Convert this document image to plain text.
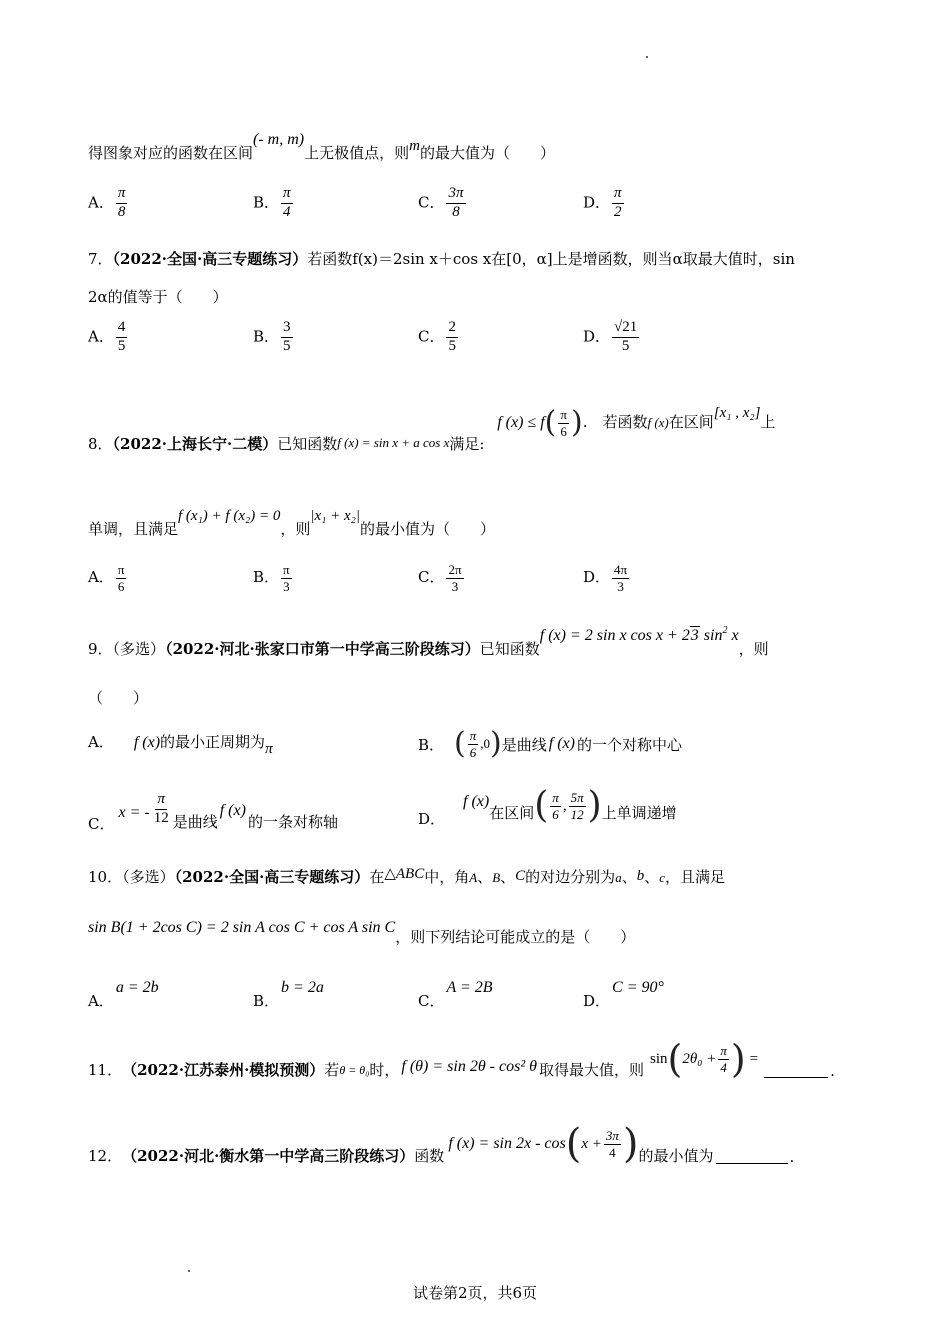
得图象对应的函数在区间(- m, m)上无极值点，则m的最大值为（　　）
A． $\frac{\pi}{8}$	B． $\frac{\pi}{4}$	C． $\frac{3\pi}{8}$	D． $\frac{\pi}{2}$
7．（2022·全国·高三专题练习）若函数f(x)＝2sin x＋cos x在[0，α]上是增函数，则当α取最大值时，sin
2α的值等于（　　）
A． $\frac{4}{5}$	B． $\frac{3}{5}$	C． $\frac{2}{5}$	D． $\frac{√21}{5}$
8．（2022·上海长宁·二模）已知函数f (x) = sin x + a cos x满足:
f (x) ≤ f ( $\frac{\pi}{6}$ ) .　若函数f (x)在区间[x₁ , x₂]上
单调，且满足f (x₁) + f (x₂) = 0，则|x₁ + x₂|的最小值为（　　）
A． $\frac{\pi}{6}$	B． $\frac{\pi}{3}$	C． $\frac{2\pi}{3}$	D． $\frac{4\pi}{3}$
9．（多选）（2022·河北·张家口市第一中学高三阶段练习）已知函数f (x) = 2 sin x cos x + 23 $\sin^2 x$，则
（　　）
A． f (x)的最小正周期为π	B． ( $\frac{\pi}{6} ,0$ ) 是曲线 f (x) 的一个对称中心
C．x = - $\frac{\pi}{12}$ 是曲线f (x)的一条对称轴	D．
f (x)
在区间 ( $\frac{\pi}{6}$ , $\frac{5\pi}{12}$ ) 上单调递增
10．（多选）（2022·全国·高三专题练习）在△ABC中，角A、B、C的对边分别为a、b、c，且满足
sin B(1 + 2cos C) = 2 sin A cos C + cos A sin C，则下列结论可能成立的是（　　）
A．a = 2b
B．b = 2a
C．A = 2B
D．C = 90°
11． （2022·江苏泰州·模拟预测） 若 θ = θ₀ 时， f (θ) = sin 2θ - cos² θ 取得最大值，则
sin ( $2\theta_0 + \frac{\pi}{4}$ ) =
.
12． （2022·河北·衡水第一中学高三阶段练习） 函数
f (x) = sin 2x - cos ( $x + \frac{3\pi}{4}$ ) 的最小值为	.
试卷第2页，共6页
